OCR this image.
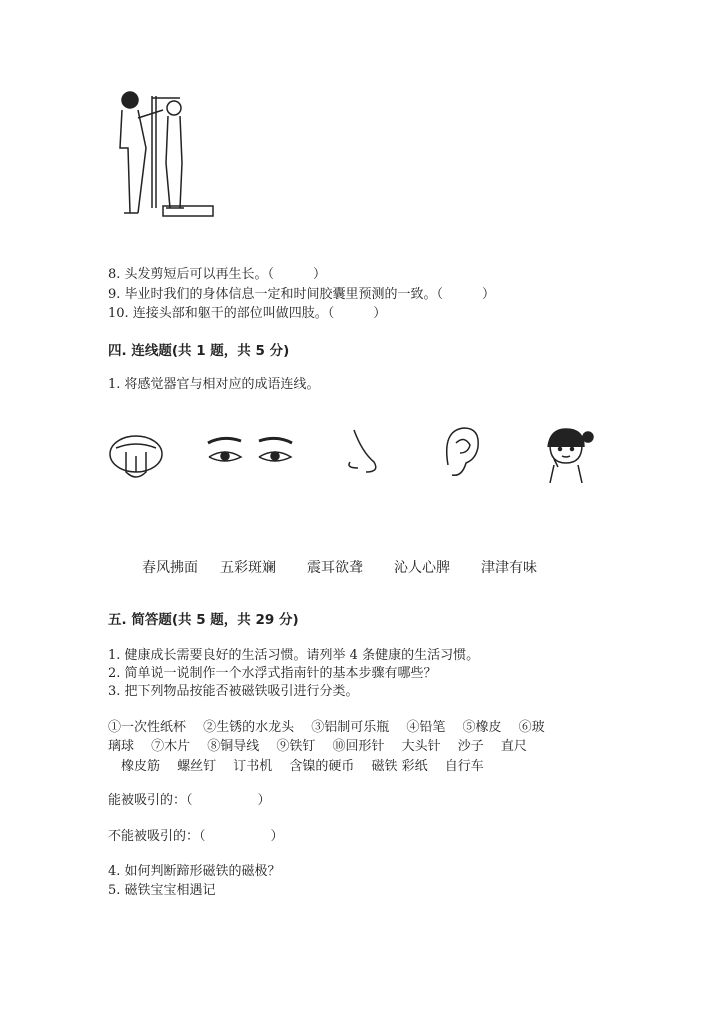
8. 头发剪短后可以再生长。（　　　）
9. 毕业时我们的身体信息一定和时间胶囊里预测的一致。（　　　）
10. 连接头部和躯干的部位叫做四肢。（　　　）
四. 连线题(共 1 题，共 5 分)
1. 将感觉器官与相对应的成语连线。
春风拂面 五彩斑斓 震耳欲聋 沁人心脾 津津有味
五. 简答题(共 5 题，共 29 分)
1. 健康成长需要良好的生活习惯。请列举 4 条健康的生活习惯。
2. 简单说一说制作一个水浮式指南针的基本步骤有哪些？
3. 把下列物品按能否被磁铁吸引进行分类。
①一次性纸杯　 ②生锈的水龙头　 ③铝制可乐瓶　 ④铅笔　 ⑤橡皮　 ⑥玻
璃球　 ⑦木片　 ⑧铜导线　 ⑨铁钉　 ⑩回形针　 大头针　 沙子　 直尺
　橡皮筋　 螺丝钉　 订书机　 含镍的硬币　 磁铁 彩纸　 自行车
能被吸引的：（　　　　　）
不能被吸引的：（　　　　　）
4. 如何判断蹄形磁铁的磁极？
5. 磁铁宝宝相遇记
